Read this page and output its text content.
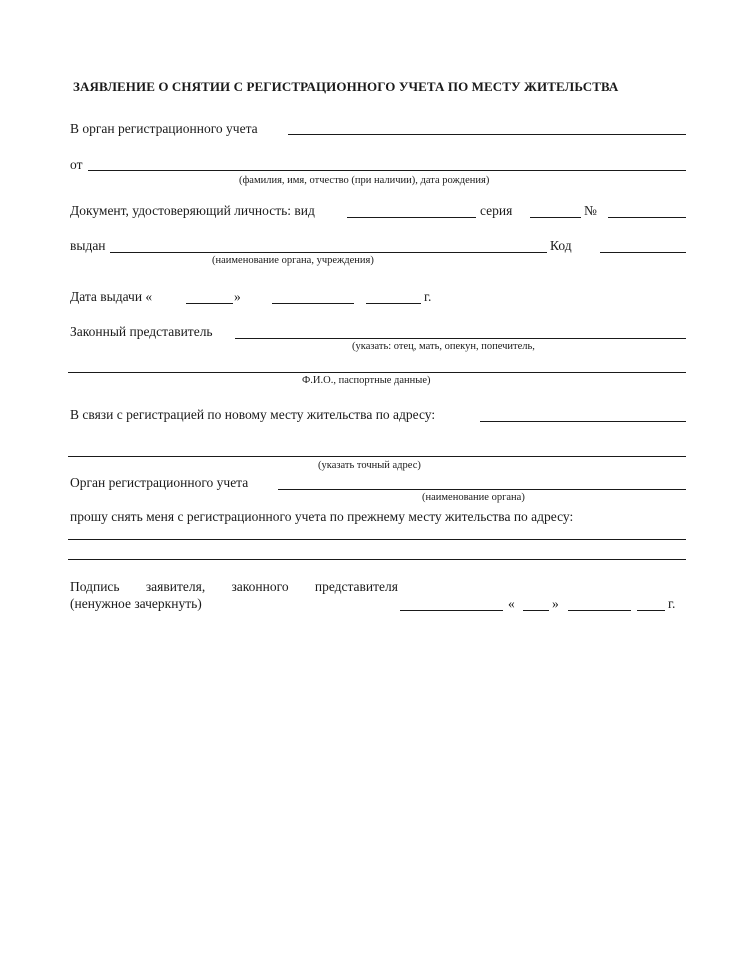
ЗАЯВЛЕНИЕ О СНЯТИИ С РЕГИСТРАЦИОННОГО УЧЕТА ПО МЕСТУ ЖИТЕЛЬСТВА
В орган регистрационного учета
от
(фамилия, имя, отчество (при наличии), дата рождения)
Документ, удостоверяющий личность: вид	серия	№
выдан	Код
(наименование органа, учреждения)
Дата выдачи «	»	г.
Законный представитель
(указать: отец, мать, опекун, попечитель,
Ф.И.О., паспортные данные)
В связи с регистрацией по новому месту жительства по адресу:
(указать точный адрес)
Орган регистрационного учета
(наименование органа)
прошу снять меня с регистрационного учета по прежнему месту жительства по адресу:
Подпись заявителя, законного представителя
(ненужное зачеркнуть)	«	»	г.
